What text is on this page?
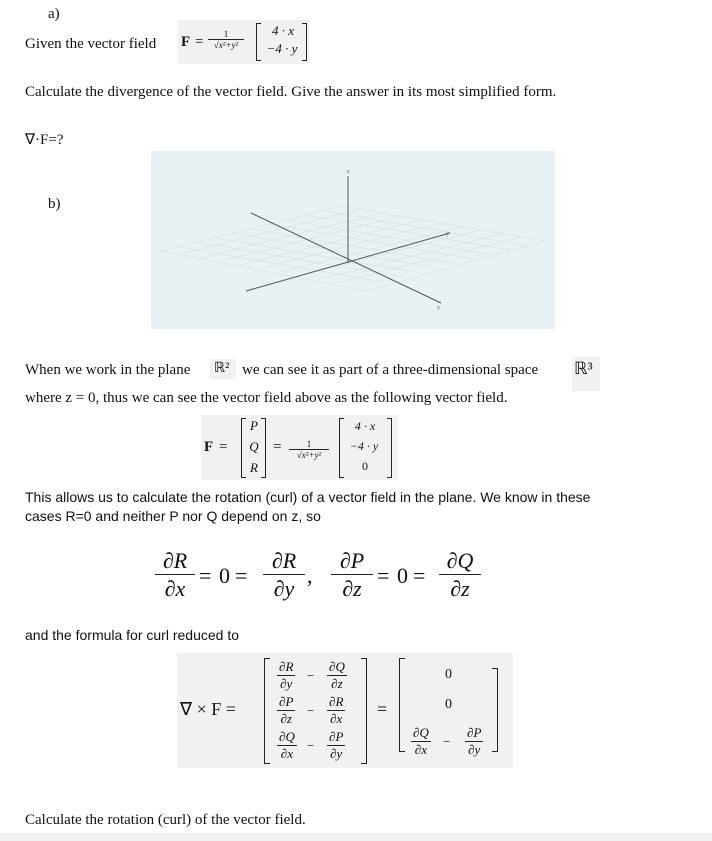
a)
Given the vector field $F = \frac{1}{\text{√x²+y²}}$	4 · x
−4 · y
Calculate the divergence of the vector field. Give the answer in its most simplified form.
∇·F=?
z
y
x
b)
When we work in the plane ℝ² we can see it as part of a three-dimensional space ℝ³
where z = 0, thus we can see the vector field above as the following vector field.
F =
P
Q
R
= $\frac{1}{\text{√x²+y²}}$
4 · x
−4 · y
0
This allows us to calculate the rotation (curl) of a vector field in the plane. We know in these
cases R=0 and neither P nor Q depend on z, so
∂R
∂x
= 0 =
∂R
∂y
,
∂P
∂z
= 0 =
∂Q
∂z
and the formula for curl reduced to
∇ × F =
$\frac{\partial R}{\partial y} - \frac{\partial Q}{\partial z}$
$\frac{\partial P}{\partial z} - \frac{\partial R}{\partial x}$
$\frac{\partial Q}{\partial x} - \frac{\partial P}{\partial y}$
=
0
0
$\frac{\partial Q}{\partial x} - \frac{\partial P}{\partial y}$
Calculate the rotation (curl) of the vector field.
